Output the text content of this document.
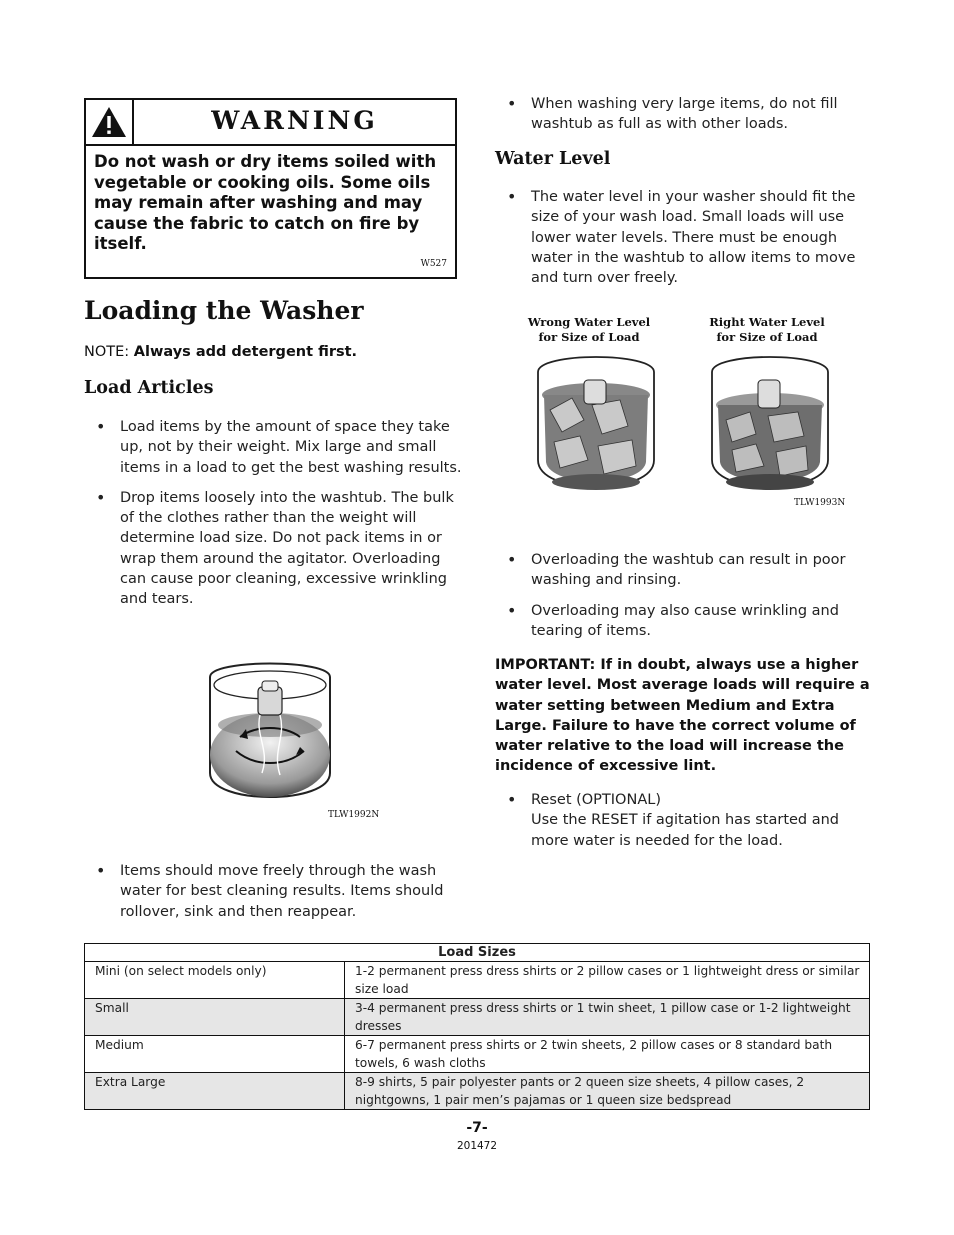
WARNING
Do not wash or dry items soiled with vegetable or cooking oils. Some oils may remain after washing and may cause the fabric to catch on fire by itself.
W527
Loading the Washer
NOTE: Always add detergent first.
Load Articles
• Load items by the amount of space they take up, not by their weight. Mix large and small items in a load to get the best washing results.
• Drop items loosely into the washtub. The bulk of the clothes rather than the weight will determine load size. Do not pack items in or wrap them around the agitator. Overloading can cause poor cleaning, excessive wrinkling and tears.
TLW1992N
• Items should move freely through the wash water for best cleaning results. Items should rollover, sink and then reappear.
• When washing very large items, do not fill washtub as full as with other loads.
Water Level
• The water level in your washer should fit the size of your wash load. Small loads will use lower water levels. There must be enough water in the washtub to allow items to move and turn over freely.
Wrong Water Level for Size of Load
Right Water Level for Size of Load
TLW1993N
• Overloading the washtub can result in poor washing and rinsing.
• Overloading may also cause wrinkling and tearing of items.
IMPORTANT: If in doubt, always use a higher water level. Most average loads will require a water setting between Medium and Extra Large. Failure to have the correct volume of water relative to the load will increase the incidence of excessive lint.
• Reset (OPTIONAL)
Use the RESET if agitation has started and more water is needed for the load.
Load Sizes	
Mini (on select models only)	1-2 permanent press dress shirts or 2 pillow cases or 1 lightweight dress or similar size load
Small	3-4 permanent press dress shirts or 1 twin sheet, 1 pillow case or 1-2 lightweight dresses
Medium	6-7 permanent press shirts or 2 twin sheets, 2 pillow cases or 8 standard bath towels, 6 wash cloths
Extra Large	8-9 shirts, 5 pair polyester pants or 2 queen size sheets, 4 pillow cases, 2 nightgowns, 1 pair men’s pajamas or 1 queen size bedspread
-7-
201472
